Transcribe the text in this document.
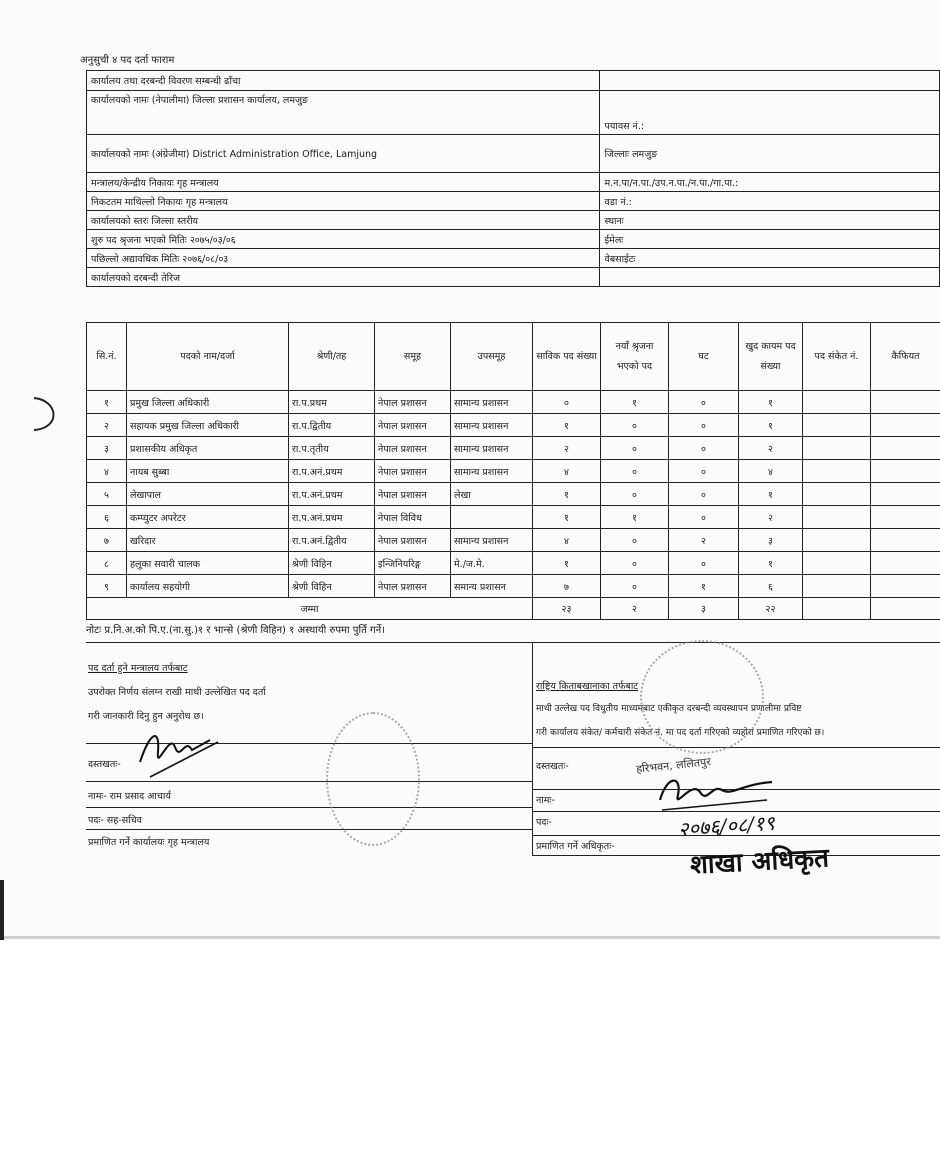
अनुसुची ४ पद दर्ता फाराम
कार्यालय तथा दरबन्दी विवरण सम्बन्धी ढाँचा	
कार्यालयको नामः (नेपालीमा) जिल्ला प्रशासन कार्यालय, लमजुङ	पयावस नं.:
कार्यालयको नामः (अंग्रेजीमा) District Administration Office, Lamjung	जिल्लाः लमजुङ
मन्त्रालय/केन्द्रीय निकायः गृह मन्त्रालय	म.न.पा/न.पा./उप.न.पा./न.पा./गा.पा.:
निकटतम माथिल्लो निकायः गृह मन्त्रालय	वडा नं.:
कार्यालयको स्तरः जिल्ला स्तरीय	स्थानः
शुरु पद श्रृजना भएको मितिः २०७५/०३/०६	ईमेलः
पछिल्लो अद्यावधिक मितिः २०७६/०८/०३	वेबसाईटः
कार्यालयको दरबन्दी तेरिज	
सि.नं.	पदको नाम/दर्जा	श्रेणी/तह	समूह	उपसमूह	साविक पद संख्या	नयाँ श्रृजना भएको पद	घट	खुद कायम पद संख्या	पद संकेत नं.	कैफियत
१	प्रमुख जिल्ला अधिकारी	रा.प.प्रथम	नेपाल प्रशासन	सामान्य प्रशासन	०	१	०	१		
२	सहायक प्रमुख जिल्ला अधिकारी	रा.प.द्वितीय	नेपाल प्रशासन	सामान्य प्रशासन	१	०	०	१		
३	प्रशासकीय अधिकृत	रा.प.तृतीय	नेपाल प्रशासन	सामान्य प्रशासन	२	०	०	२		
४	नायब सुब्बा	रा.प.अनं.प्रथम	नेपाल प्रशासन	सामान्य प्रशासन	४	०	०	४		
५	लेखापाल	रा.प.अनं.प्रथम	नेपाल प्रशासन	लेखा	१	०	०	१		
६	कम्प्युटर अपरेटर	रा.प.अनं.प्रथम	नेपाल विविध		१	१	०	२		
७	खरिदार	रा.प.अनं.द्वितीय	नेपाल प्रशासन	सामान्य प्रशासन	४	०	२	३		
८	हलुका सवारी चालक	श्रेणी विहिन	इन्जिनियरिङ्ग	मे./ज.मे.	१	०	०	१		
९	कार्यालय सहयोगी	श्रेणी विहिन	नेपाल प्रशासन	समान्य प्रशासन	७	०	१	६		
जम्मा					२३	२	३	२२		
नोटः प्र.नि.अ.को पि.ए.(ना.सु.)१ र भान्से (श्रेणी विहिन) १ अस्थायी रुपमा पुर्ति गर्ने।
पद दर्ता हुने मन्त्रालय तर्फबाट
उपरोक्त निर्णय संलग्न राखी माथी उल्लेखित पद दर्ता
गरी जानकारी दिनु हुन अनुरोध छ।
दस्तखतः-
नामः- राम प्रसाद आचार्य
पदः- सह-सचिव
प्रमाणित गर्ने कार्यालयः गृह मन्त्रालय
राष्ट्रिय किताबखानाका तर्फबाट
माथी उल्लेख पद विधुतीय माध्यमबाट एकीकृत दरबन्दी व्यवस्थापन प्रणालीमा प्रविष्ट
गरी कार्यालय संकेत/ कर्मचारी संकेत नं. मा पद दर्ता गरिएको व्यहोरा प्रमाणित गरिएको छ।
दस्तखतः-
नामः-
पदः-
प्रमाणित गर्ने अधिकृतः-
हरिभवन, ललितपुर
२०७६/०८/१९
शाखा अधिकृत
